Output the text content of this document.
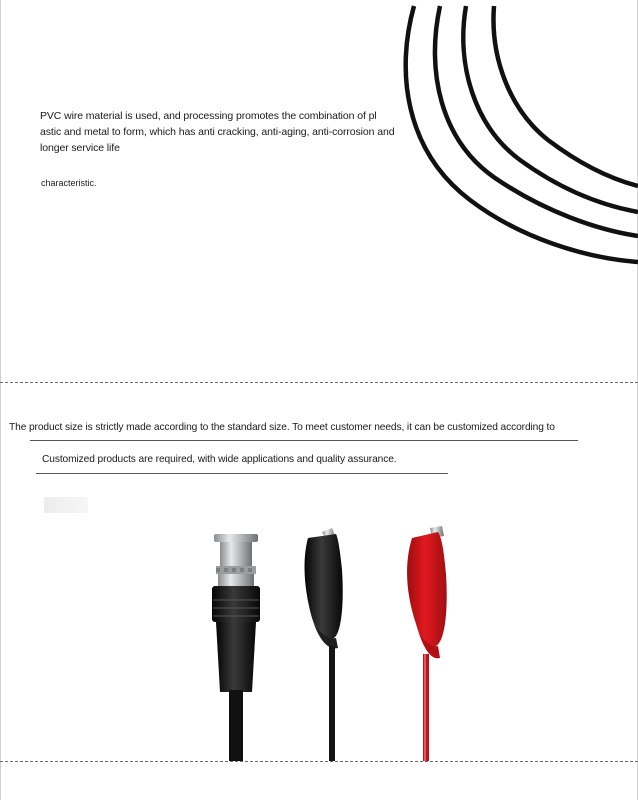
PVC wire material is used, and processing promotes the combination of pl astic and metal to form, which has anti cracking, anti-aging, anti-corrosion and longer service life

characteristic.

The product size is strictly made according to the standard size. To meet customer needs, it can be customized according to

Customized products are required, with wide applications and quality assurance.
